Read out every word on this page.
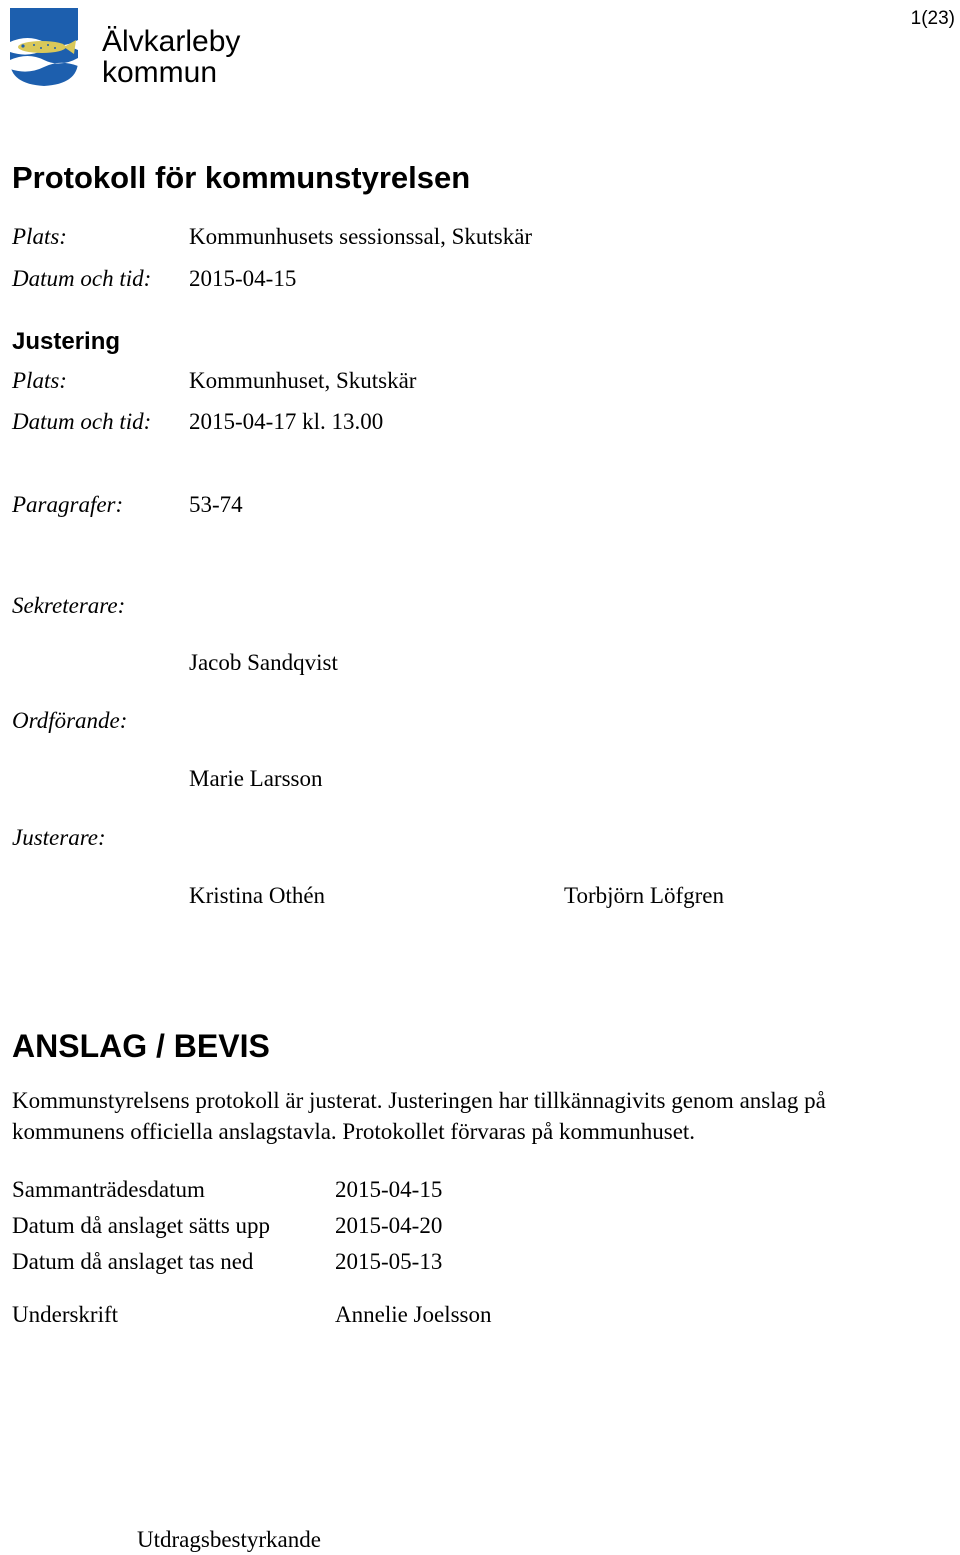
Älvkarleby
kommun
1(23)
Protokoll för kommunstyrelsen
Plats:	Kommunhusets sessionssal, Skutskär
Datum och tid: 2015-04-15
Justering
Plats:	Kommunhuset, Skutskär
Datum och tid: 2015-04-17 kl. 13.00
Paragrafer:	53-74
Sekreterare:
Jacob Sandqvist
Ordförande:
Marie Larsson
Justerare:
Kristina Othén	Torbjörn Löfgren
ANSLAG / BEVIS
Kommunstyrelsens protokoll är justerat. Justeringen har tillkännagivits genom anslag på kommunens officiella anslagstavla. Protokollet förvaras på kommunhuset.
Sammanträdesdatum	2015-04-15
Datum då anslaget sätts upp	2015-04-20
Datum då anslaget tas ned	2015-05-13
Underskrift	Annelie Joelsson
Utdragsbestyrkande
